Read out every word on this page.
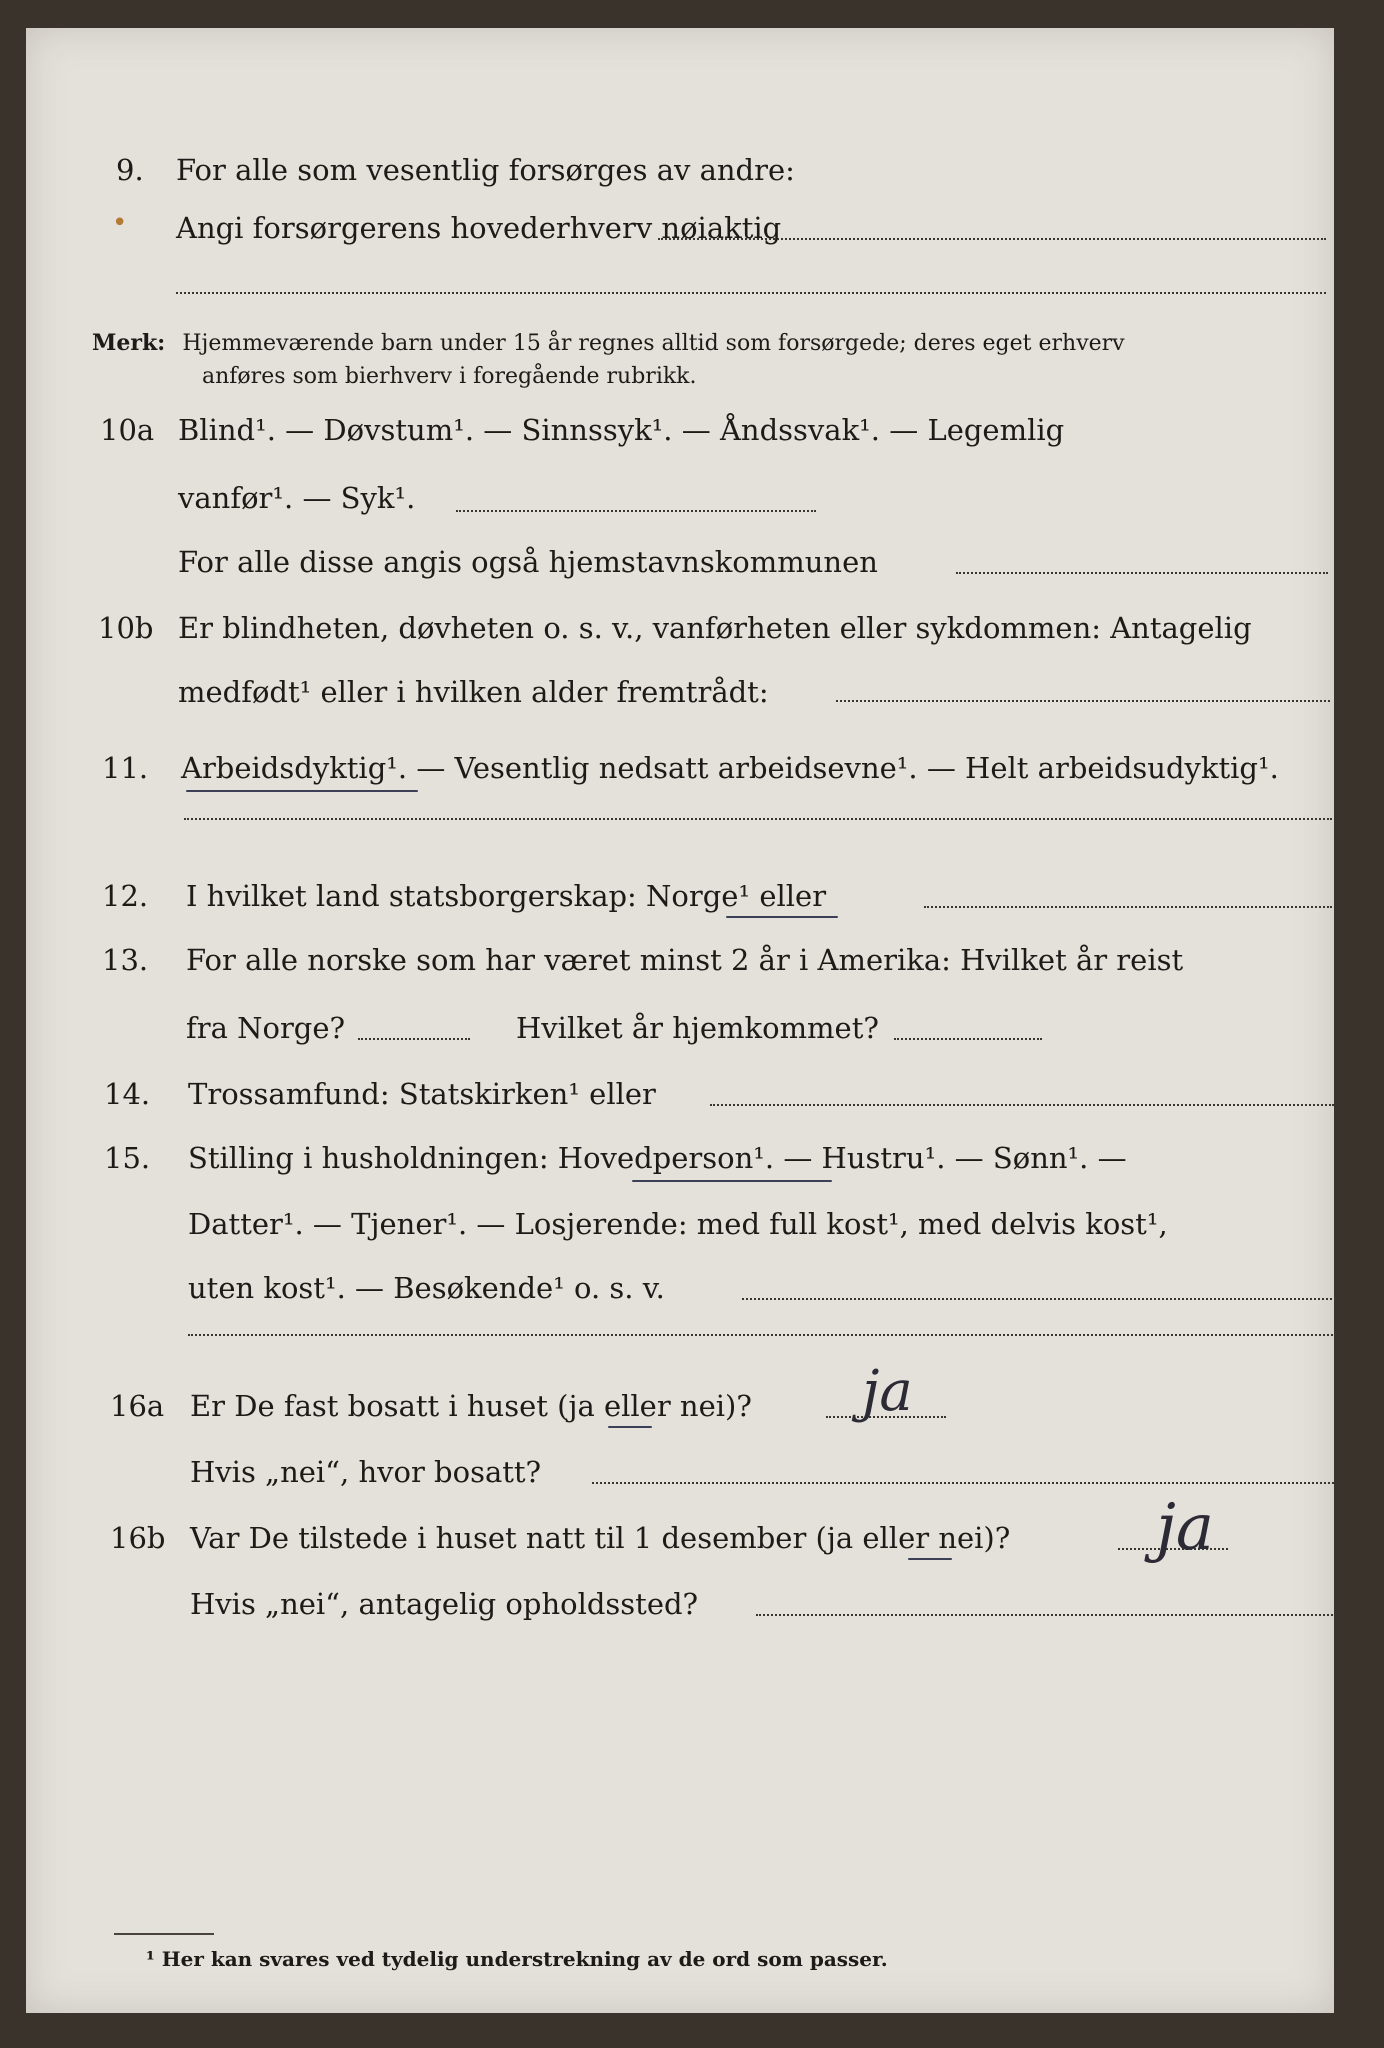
9. For alle som vesentlig forsørges av andre:
• Angi forsørgerens hovederhverv nøiaktig
Merk: Hjemmeværende barn under 15 år regnes alltid som forsørgede; deres eget erhverv
anføres som bierhverv i foregående rubrikk.
10a Blind¹. — Døvstum¹. — Sinnssyk¹. — Åndssvak¹. — Legemlig
vanfør¹. — Syk¹.
For alle disse angis også hjemstavnskommunen
10b Er blindheten, døvheten o. s. v., vanførheten eller sykdommen: Antagelig
medfødt¹ eller i hvilken alder fremtrådt:
11. Arbeidsdyktig¹. — Vesentlig nedsatt arbeidsevne¹. — Helt arbeidsudyktig¹.
12. I hvilket land statsborgerskap: Norge¹ eller
13. For alle norske som har været minst 2 år i Amerika: Hvilket år reist
fra Norge?	Hvilket år hjemkommet?
14. Trossamfund: Statskirken¹ eller
15. Stilling i husholdningen: Hovedperson¹. — Hustru¹. — Sønn¹. —
Datter¹. — Tjener¹. — Losjerende: med full kost¹, med delvis kost¹,
uten kost¹. — Besøkende¹ o. s. v.
16a Er De fast bosatt i huset (ja eller nei)? ja
Hvis „nei“, hvor bosatt?
16b Var De tilstede i huset natt til 1 desember (ja eller nei)? ja
Hvis „nei“, antagelig opholdssted?
¹ Her kan svares ved tydelig understrekning av de ord som passer.
